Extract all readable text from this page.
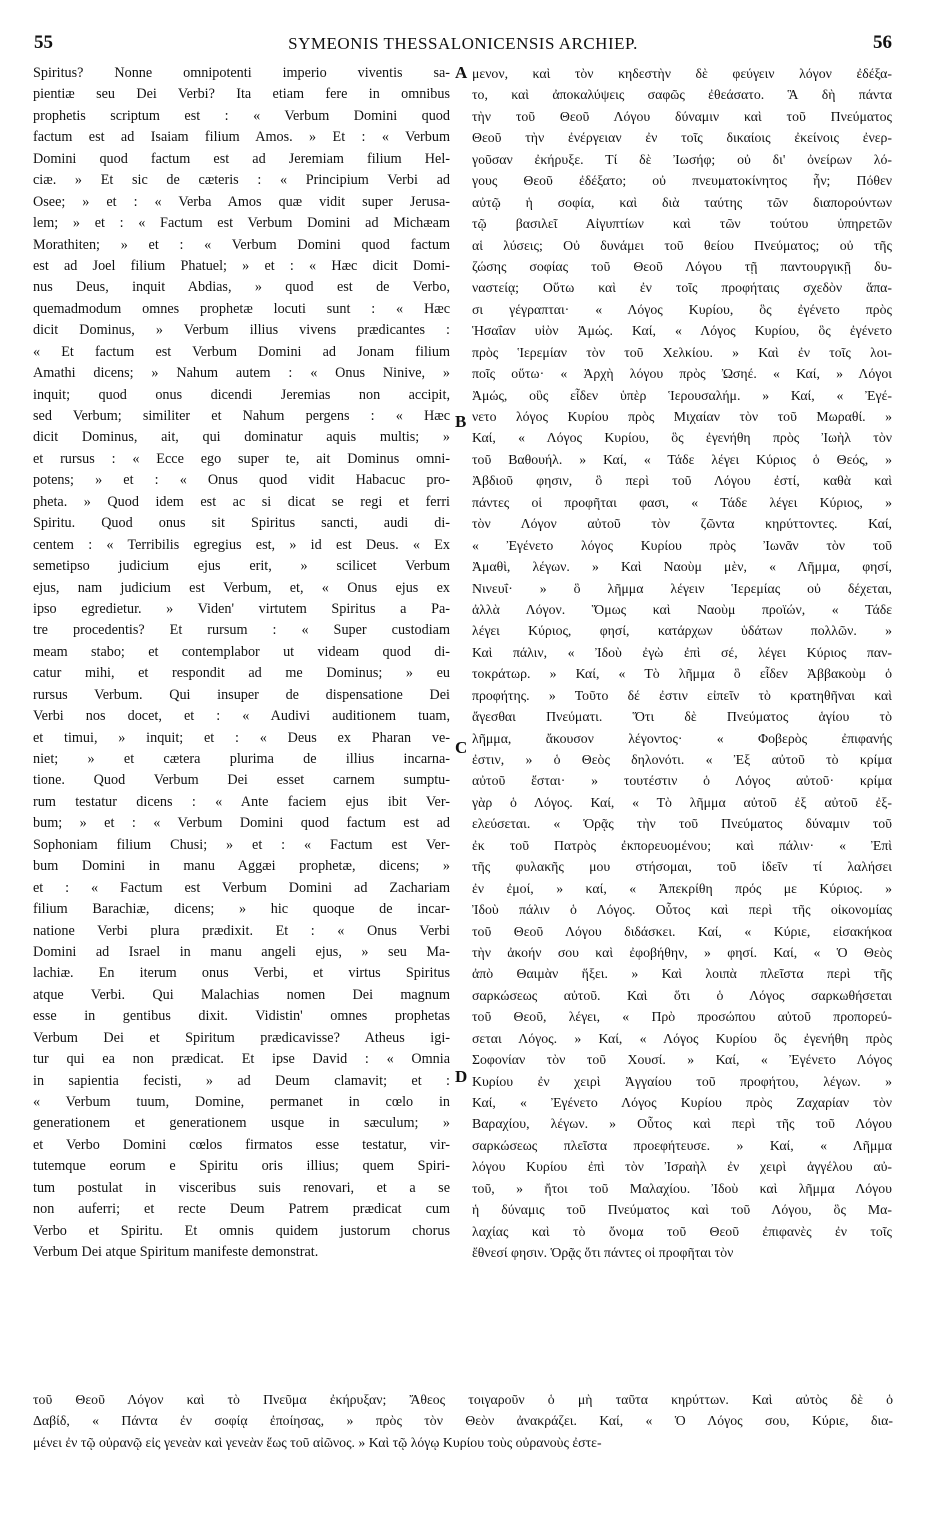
55	SYMEONIS THESSALONICENSIS ARCHIEP.	56
Spiritus? Nonne omnipotenti imperio viventis sa-
pientiæ seu Dei Verbi? Ita etiam fere in omnibus
prophetis scriptum est : « Verbum Domini quod
factum est ad Isaiam filium Amos. » Et : « Verbum
Domini quod factum est ad Jeremiam filium Hel-
ciæ. » Et sic de cæteris : « Principium Verbi ad
Osee; » et : « Verba Amos quæ vidit super Jerusa-
lem; » et : « Factum est Verbum Domini ad Michæam
Morathiten; » et : « Verbum Domini quod factum
est ad Joel filium Phatuel; » et : « Hæc dicit Domi-
nus Deus, inquit Abdias, » quod est de Verbo,
quemadmodum omnes prophetæ locuti sunt : « Hæc
dicit Dominus, » Verbum illius vivens prædicantes :
« Et factum est Verbum Domini ad Jonam filium
Amathi dicens; » Nahum autem : « Onus Ninive, »
inquit; quod onus dicendi Jeremias non accipit,
sed Verbum; similiter et Nahum pergens : « Hæc
dicit Dominus, ait, qui dominatur aquis multis; »
et rursus : « Ecce ego super te, ait Dominus omni-
potens; » et : « Onus quod vidit Habacuc pro-
pheta. » Quod idem est ac si dicat se regi et ferri
Spiritu. Quod onus sit Spiritus sancti, audi di-
centem : « Terribilis egregius est, » id est Deus. « Ex
semetipso judicium ejus erit, » scilicet Verbum
ejus, nam judicium est Verbum, et, « Onus ejus ex
ipso egredietur. » Viden' virtutem Spiritus a Pa-
tre procedentis? Et rursum : « Super custodiam
meam stabo; et contemplabor ut videam quod di-
catur mihi, et respondit ad me Dominus; » eu
rursus Verbum. Qui insuper de dispensatione Dei
Verbi nos docet, et : « Audivi auditionem tuam,
et timui, » inquit; et : « Deus ex Pharan ve-
niet; » et cætera plurima de illius incarna-
tione. Quod Verbum Dei esset carnem sumptu-
rum testatur dicens : « Ante faciem ejus ibit Ver-
bum; » et : « Verbum Domini quod factum est ad
Sophoniam filium Chusi; » et : « Factum est Ver-
bum Domini in manu Aggæi prophetæ, dicens; »
et : « Factum est Verbum Domini ad Zachariam
filium Barachiæ, dicens; » hic quoque de incar-
natione Verbi plura prædixit. Et : « Onus Verbi
Domini ad Israel in manu angeli ejus, » seu Ma-
lachiæ. En iterum onus Verbi, et virtus Spiritus
atque Verbi. Qui Malachias nomen Dei magnum
esse in gentibus dixit. Vidistin' omnes prophetas
Verbum Dei et Spiritum prædicavisse? Atheus igi-
tur qui ea non prædicat. Et ipse David : « Omnia
in sapientia fecisti, » ad Deum clamavit; et :
« Verbum tuum, Domine, permanet in cœlo in
generationem et generationem usque in sæculum; »
et Verbo Domini cœlos firmatos esse testatur, vir-
tutemque eorum e Spiritu oris illius; quem Spiri-
tum postulat in visceribus suis renovari, et a se
non auferri; et recte Deum Patrem prædicat cum
Verbo et Spiritu. Et omnis quidem justorum chorus
Verbum Dei atque Spiritum manifeste demonstrat.
μενον, καὶ τὸν κηδεστὴν δὲ φεύγειν λόγον ἐδέξα-
το, καὶ ἀποκαλύψεις σαφῶς ἐθεάσατο. Ἃ δὴ πάντα
τὴν τοῦ Θεοῦ Λόγου δύναμιν καὶ τοῦ Πνεύματος
Θεοῦ τὴν ἐνέργειαν ἐν τοῖς δικαίοις ἐκείνοις ἐνερ-
γοῦσαν ἐκήρυξε. Τί δὲ Ἰωσήφ; οὐ δι' ὀνείρων λό-
γους Θεοῦ ἐδέξατο; οὐ πνευματοκίνητος ἦν; Πόθεν
αὐτῷ ἡ σοφία, καὶ διὰ ταύτης τῶν διαπορούντων
τῷ βασιλεῖ Αἰγυπτίων καὶ τῶν τούτου ὑπηρετῶν
αἱ λύσεις; Οὐ δυνάμει τοῦ θείου Πνεύματος; οὐ τῆς
ζώσης σοφίας τοῦ Θεοῦ Λόγου τῇ παντουργικῇ δυ-
ναστείᾳ; Οὕτω καὶ ἐν τοῖς προφήταις σχεδὸν ἅπα-
σι γέγραπται· « Λόγος Κυρίου, ὃς ἐγένετο πρὸς
Ἡσαΐαν υἱὸν Ἀμώς. Καί, « Λόγος Κυρίου, ὃς ἐγένετο
πρὸς Ἱερεμίαν τὸν τοῦ Χελκίου. » Καὶ ἐν τοῖς λοι-
ποῖς οὕτω· « Ἀρχὴ λόγου πρὸς Ὠσηέ. « Καί, » Λόγοι
Ἀμώς, οὓς εἶδεν ὑπὲρ Ἱερουσαλήμ. » Καί, « Ἐγέ-
νετο λόγος Κυρίου πρὸς Μιχαίαν τὸν τοῦ Μωραθί. »
Καί, « Λόγος Κυρίου, ὃς ἐγενήθη πρὸς Ἰωὴλ τὸν
τοῦ Βαθουήλ. » Καί, « Τάδε λέγει Κύριος ὁ Θεός, »
Ἀβδιοῦ φησιν, ὃ περὶ τοῦ Λόγου ἐστί, καθὰ καὶ
πάντες οἱ προφῆται φασι, « Τάδε λέγει Κύριος, »
τὸν Λόγον αὐτοῦ τὸν ζῶντα κηρύττοντες. Καί,
« Ἐγένετο λόγος Κυρίου πρὸς Ἰωνᾶν τὸν τοῦ
Ἀμαθὶ, λέγων. » Καὶ Ναοὺμ μὲν, « Λῆμμα, φησί,
Νινευΐ· » ὃ λῆμμα λέγειν Ἱερεμίας οὐ δέχεται,
ἀλλὰ Λόγον. Ὅμως καὶ Ναοὺμ προϊών, « Τάδε
λέγει Κύριος, φησί, κατάρχων ὑδάτων πολλῶν. »
Καὶ πάλιν, « Ἰδοὺ ἐγὼ ἐπὶ σέ, λέγει Κύριος παν-
τοκράτωρ. » Καί, « Τὸ λῆμμα ὃ εἶδεν Ἀββακοὺμ ὁ
προφήτης. » Τοῦτο δέ ἐστιν εἰπεῖν τὸ κρατηθῆναι καὶ
ἄγεσθαι Πνεύματι. Ὅτι δὲ Πνεύματος ἁγίου τὸ
λῆμμα, ἄκουσον λέγοντος· « Φοβερὸς ἐπιφανής
ἐστιν, » ὁ Θεὸς δηλονότι. « Ἐξ αὐτοῦ τὸ κρίμα
αὐτοῦ ἔσται· » τουτέστιν ὁ Λόγος αὐτοῦ· κρίμα
γὰρ ὁ Λόγος. Καί, « Τὸ λῆμμα αὐτοῦ ἐξ αὐτοῦ ἐξ-
ελεύσεται. « Ὁρᾷς τὴν τοῦ Πνεύματος δύναμιν τοῦ
ἐκ τοῦ Πατρὸς ἐκπορευομένου; καὶ πάλιν· « Ἐπὶ
τῆς φυλακῆς μου στήσομαι, τοῦ ἰδεῖν τί λαλήσει
ἐν ἐμοί, » καί, « Ἀπεκρίθη πρός με Κύριος. »
Ἰδοὺ πάλιν ὁ Λόγος. Οὗτος καὶ περὶ τῆς οἰκονομίας
τοῦ Θεοῦ Λόγου διδάσκει. Καί, « Κύριε, εἰσακήκοα
τὴν ἀκοήν σου καὶ ἐφοβήθην, » φησί. Καί, « Ὁ Θεὸς
ἀπὸ Θαιμὰν ἥξει. » Καὶ λοιπὰ πλεῖστα περὶ τῆς
σαρκώσεως αὐτοῦ. Καὶ ὅτι ὁ Λόγος σαρκωθήσεται
τοῦ Θεοῦ, λέγει, « Πρὸ προσώπου αὐτοῦ προπορεύ-
σεται Λόγος. » Καί, « Λόγος Κυρίου ὃς ἐγενήθη πρὸς
Σοφονίαν τὸν τοῦ Χουσί. » Καί, « Ἐγένετο Λόγος
Κυρίου ἐν χειρὶ Ἀγγαίου τοῦ προφήτου, λέγων. »
Καί, « Ἐγένετο Λόγος Κυρίου πρὸς Ζαχαρίαν τὸν
Βαραχίου, λέγων. » Οὗτος καὶ περὶ τῆς τοῦ Λόγου
σαρκώσεως πλεῖστα προεφήτευσε. » Καί, « Λῆμμα
λόγου Κυρίου ἐπὶ τὸν Ἰσραὴλ ἐν χειρὶ ἀγγέλου αὐ-
τοῦ, » ἤτοι τοῦ Μαλαχίου. Ἰδοὺ καὶ λῆμμα Λόγου
ἡ δύναμις τοῦ Πνεύματος καὶ τοῦ Λόγου, ὃς Μα-
λαχίας καὶ τὸ ὄνομα τοῦ Θεοῦ ἐπιφανὲς ἐν τοῖς
ἔθνεσί φησιν. Ὁρᾷς ὅτι πάντες οἱ προφῆται τὸν
A
B
C
D
τοῦ Θεοῦ Λόγον καὶ τὸ Πνεῦμα ἐκήρυξαν; Ἄθεος τοιγαροῦν ὁ μὴ ταῦτα κηρύττων. Καὶ αὐτὸς δὲ ὁ
Δαβίδ, « Πάντα ἐν σοφίᾳ ἐποίησας, » πρὸς τὸν Θεὸν ἀνακράζει. Καί, « Ὁ Λόγος σου, Κύριε, δια-
μένει ἐν τῷ οὐρανῷ εἰς γενεὰν καὶ γενεὰν ἕως τοῦ αἰῶνος. » Καὶ τῷ λόγῳ Κυρίου τοὺς οὐρανοὺς ἐστε-
